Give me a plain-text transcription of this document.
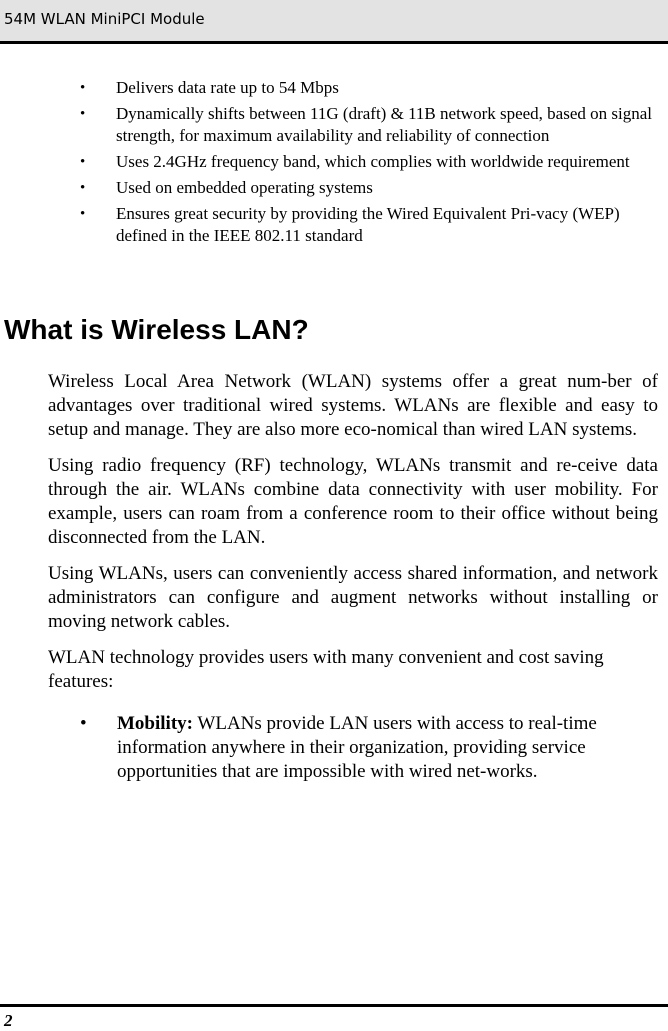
54M WLAN MiniPCI Module
• Delivers data rate up to 54 Mbps
• Dynamically shifts between 11G (draft) & 11B network speed, based on signal strength, for maximum availability and reliability of connection
• Uses 2.4GHz frequency band, which complies with worldwide requirement
• Used on embedded operating systems
• Ensures great security by providing the Wired Equivalent Pri-vacy (WEP) defined in the IEEE 802.11 standard
What is Wireless LAN?

Wireless Local Area Network (WLAN) systems offer a great num-ber of advantages over traditional wired systems. WLANs are flexible and easy to setup and manage. They are also more eco-nomical than wired LAN systems.

Using radio frequency (RF) technology, WLANs transmit and re-ceive data through the air. WLANs combine data connectivity with user mobility. For example, users can roam from a conference room to their office without being disconnected from the LAN.

Using WLANs, users can conveniently access shared information, and network administrators can configure and augment networks without installing or moving network cables.

WLAN technology provides users with many convenient and cost saving features:

• Mobility: WLANs provide LAN users with access to real-time information anywhere in their organization, providing service opportunities that are impossible with wired net-works.
2
